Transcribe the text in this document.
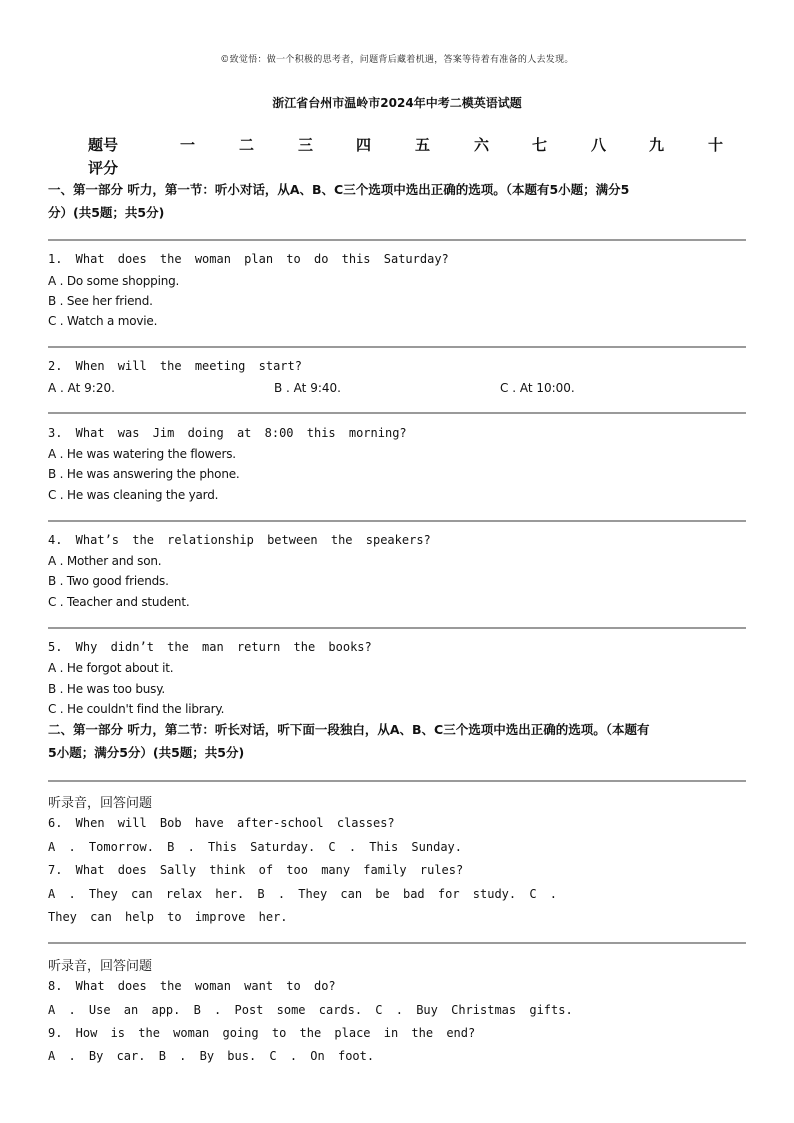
©致觉悟：做一个积极的思考者，问题背后藏着机遇，答案等待着有准备的人去发现。
浙江省台州市温岭市2024年中考二模英语试题
题号	一	二	三	四	五	六	七	八	九	十
评分
一、第一部分 听力，第一节：听小对话，从A、B、C三个选项中选出正确的选项。（本题有5小题；满分5
分）(共5题；共5分)
1. What does the woman plan to do this Saturday?
A . Do some shopping.
B . See her friend.
C . Watch a movie.
2. When will the meeting start?
A . At 9:20.	B . At 9:40.	C . At 10:00.
3. What was Jim doing at 8:00 this morning?
A . He was watering the flowers.
B . He was answering the phone.
C . He was cleaning the yard.
4. What’s the relationship between the speakers?
A . Mother and son.
B . Two good friends.
C . Teacher and student.
5. Why didn’t the man return the books?
A . He forgot about it.
B . He was too busy.
C . He couldn't find the library.
二、第一部分 听力，第二节：听长对话，听下面一段独白，从A、B、C三个选项中选出正确的选项。（本题有
5小题；满分5分）(共5题；共5分)
听录音，回答问题
6. When will Bob have after-school classes?
A . Tomorrow. B . This Saturday. C . This Sunday.
7. What does Sally think of too many family rules?
A . They can relax her. B . They can be bad for study. C .
They can help to improve her.
听录音，回答问题
8. What does the woman want to do?
A . Use an app. B . Post some cards. C . Buy Christmas gifts.
9. How is the woman going to the place in the end?
A . By car. B . By bus. C . On foot.
